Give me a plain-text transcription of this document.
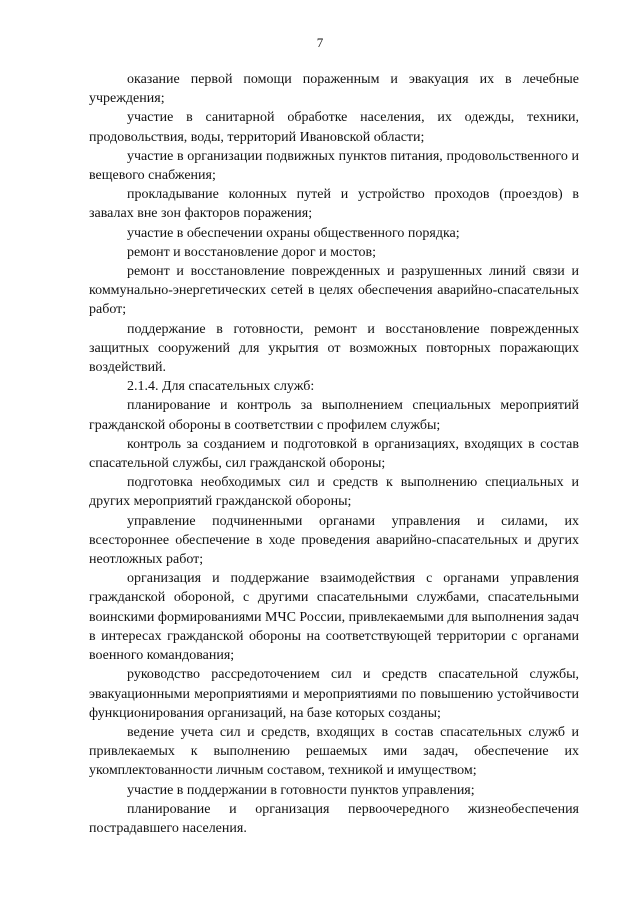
7

оказание первой помощи пораженным и эвакуация их в лечебные учреждения;

участие в санитарной обработке населения, их одежды, техники, продовольствия, воды, территорий Ивановской области;

участие в организации подвижных пунктов питания, продовольственного и вещевого снабжения;

прокладывание колонных путей и устройство проходов (проездов) в завалах вне зон факторов поражения;

участие в обеспечении охраны общественного порядка;

ремонт и восстановление дорог и мостов;

ремонт и восстановление поврежденных и разрушенных линий связи и коммунально-энергетических сетей в целях обеспечения аварийно-спасательных работ;

поддержание в готовности, ремонт и восстановление поврежденных защитных сооружений для укрытия от возможных повторных поражающих воздействий.

2.1.4. Для спасательных служб:

планирование и контроль за выполнением специальных мероприятий гражданской обороны в соответствии с профилем службы;

контроль за созданием и подготовкой в организациях, входящих в состав спасательной службы, сил гражданской обороны;

подготовка необходимых сил и средств к выполнению специальных и других мероприятий гражданской обороны;

управление подчиненными органами управления и силами, их всестороннее обеспечение в ходе проведения аварийно-спасательных и других неотложных работ;

организация и поддержание взаимодействия с органами управления гражданской обороной, с другими спасательными службами, спасательными воинскими формированиями МЧС России, привлекаемыми для выполнения задач в интересах гражданской обороны на соответствующей территории с органами военного командования;

руководство рассредоточением сил и средств спасательной службы, эвакуационными мероприятиями и мероприятиями по повышению устойчивости функционирования организаций, на базе которых созданы;

ведение учета сил и средств, входящих в состав спасательных служб и привлекаемых к выполнению решаемых ими задач, обеспечение их укомплектованности личным составом, техникой и имуществом;

участие в поддержании в готовности пунктов управления;

планирование и организация первоочередного жизнеобеспечения пострадавшего населения.
